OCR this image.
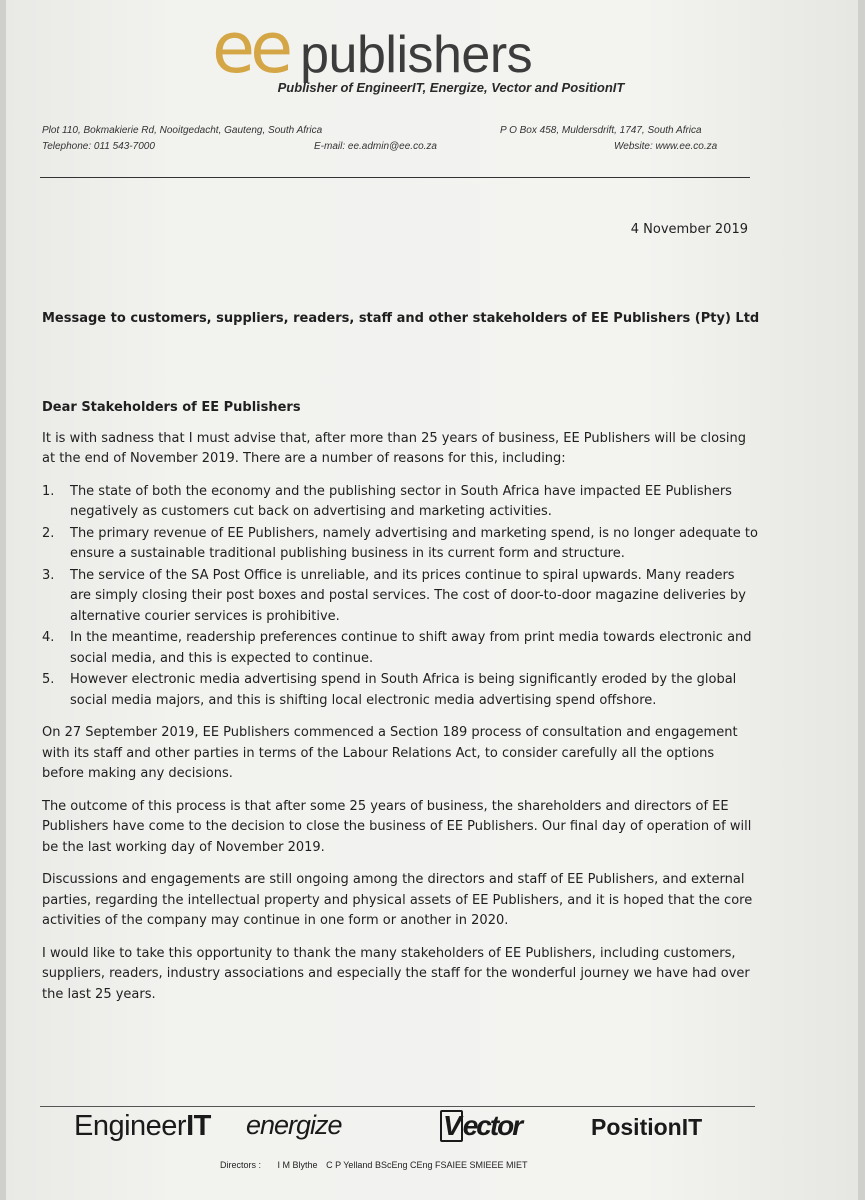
ee publishers
Publisher of EngineerIT, Energize, Vector and PositionIT
Plot 110, Bokmakierie Rd, Nooitgedacht, Gauteng, South Africa
Telephone: 011 543-7000	E-mail: ee.admin@ee.co.za
P O Box 458, Muldersdrift, 1747, South Africa
Website: www.ee.co.za
4 November 2019
Message to customers, suppliers, readers, staff and other stakeholders of EE Publishers (Pty) Ltd
Dear Stakeholders of EE Publishers

It is with sadness that I must advise that, after more than 25 years of business, EE Publishers will be closing at the end of November 2019. There are a number of reasons for this, including:

1.	The state of both the economy and the publishing sector in South Africa have impacted EE Publishers negatively as customers cut back on advertising and marketing activities.
2.	The primary revenue of EE Publishers, namely advertising and marketing spend, is no longer adequate to ensure a sustainable traditional publishing business in its current form and structure.
3.	The service of the SA Post Office is unreliable, and its prices continue to spiral upwards. Many readers are simply closing their post boxes and postal services. The cost of door-to-door magazine deliveries by alternative courier services is prohibitive.
4.	In the meantime, readership preferences continue to shift away from print media towards electronic and social media, and this is expected to continue.
5.	However electronic media advertising spend in South Africa is being significantly eroded by the global social media majors, and this is shifting local electronic media advertising spend offshore.

On 27 September 2019, EE Publishers commenced a Section 189 process of consultation and engagement with its staff and other parties in terms of the Labour Relations Act, to consider carefully all the options before making any decisions.

The outcome of this process is that after some 25 years of business, the shareholders and directors of EE Publishers have come to the decision to close the business of EE Publishers. Our final day of operation of will be the last working day of November 2019.

Discussions and engagements are still ongoing among the directors and staff of EE Publishers, and external parties, regarding the intellectual property and physical assets of EE Publishers, and it is hoped that the core activities of the company may continue in one form or another in 2020.

I would like to take this opportunity to thank the many stakeholders of EE Publishers, including customers, suppliers, readers, industry associations and especially the staff for the wonderful journey we have had over the last 25 years.

EngineerIT energize	V ector	PositionIT
Directors : I M Blythe C P Yelland BScEng CEng FSAIEE SMIEEE MIET
